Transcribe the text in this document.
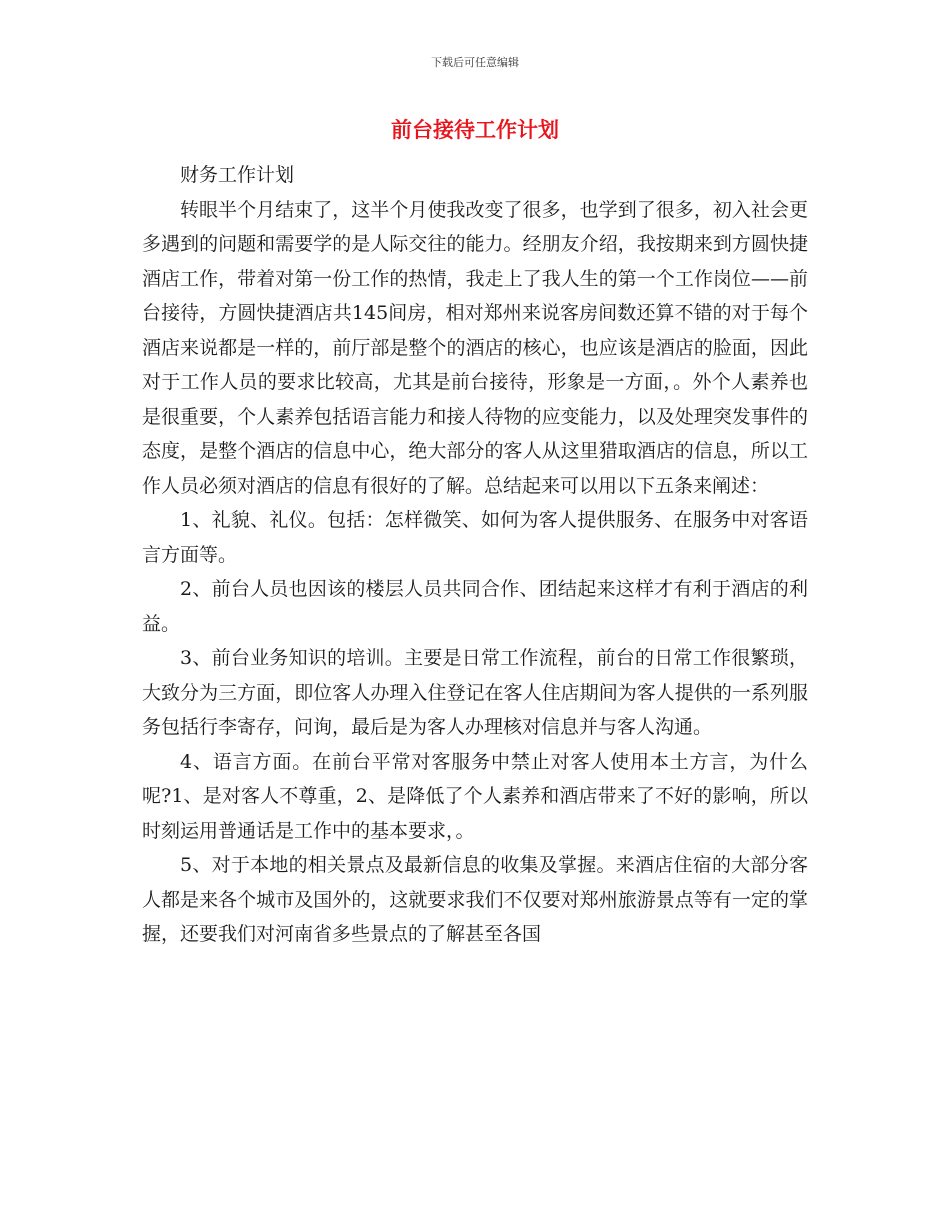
下载后可任意编辑
前台接待工作计划

财务工作计划

转眼半个月结束了，这半个月使我改变了很多，也学到了很多，初入社会更多遇到的问题和需要学的是人际交往的能力。经朋友介绍，我按期来到方圆快捷酒店工作，带着对第一份工作的热情，我走上了我人生的第一个工作岗位——前台接待，方圆快捷酒店共145间房，相对郑州来说客房间数还算不错的对于每个酒店来说都是一样的，前厅部是整个的酒店的核心，也应该是酒店的脸面，因此对于工作人员的要求比较高，尤其是前台接待，形象是一方面，。外个人素养也是很重要，个人素养包括语言能力和接人待物的应变能力，以及处理突发事件的态度，是整个酒店的信息中心，绝大部分的客人从这里猎取酒店的信息，所以工作人员必须对酒店的信息有很好的了解。总结起来可以用以下五条来阐述：

1、礼貌、礼仪。包括：怎样微笑、如何为客人提供服务、在服务中对客语言方面等。

2、前台人员也因该的楼层人员共同合作、团结起来这样才有利于酒店的利益。

3、前台业务知识的培训。主要是日常工作流程，前台的日常工作很繁琐，大致分为三方面，即位客人办理入住登记在客人住店期间为客人提供的一系列服务包括行李寄存，问询，最后是为客人办理核对信息并与客人沟通。

4、语言方面。在前台平常对客服务中禁止对客人使用本土方言，为什么呢?1、是对客人不尊重，2、是降低了个人素养和酒店带来了不好的影响，所以时刻运用普通话是工作中的基本要求，。

5、对于本地的相关景点及最新信息的收集及掌握。来酒店住宿的大部分客人都是来各个城市及国外的，这就要求我们不仅要对郑州旅游景点等有一定的掌握，还要我们对河南省多些景点的了解甚至各国
